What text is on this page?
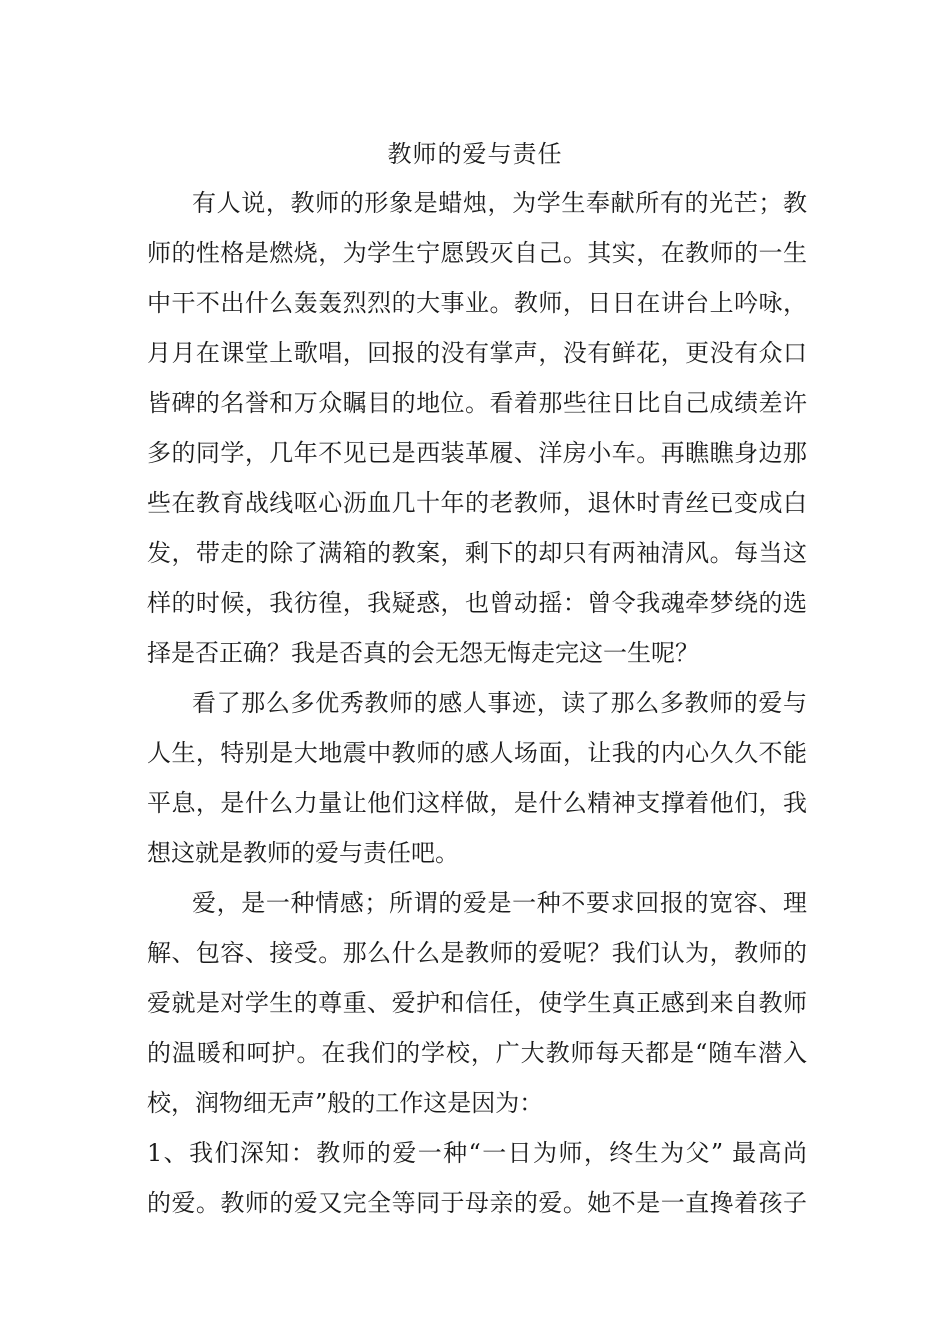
教师的爱与责任
有人说，教师的形象是蜡烛，为学生奉献所有的光芒；教
师的性格是燃烧，为学生宁愿毁灭自己。其实，在教师的一生
中干不出什么轰轰烈烈的大事业。教师，日日在讲台上吟咏，
月月在课堂上歌唱，回报的没有掌声，没有鲜花，更没有众口
皆碑的名誉和万众瞩目的地位。看着那些往日比自己成绩差许
多的同学，几年不见已是西装革履、洋房小车。再瞧瞧身边那
些在教育战线呕心沥血几十年的老教师，退休时青丝已变成白
发，带走的除了满箱的教案，剩下的却只有两袖清风。每当这
样的时候，我彷徨，我疑惑，也曾动摇：曾令我魂牵梦绕的选
择是否正确？我是否真的会无怨无悔走完这一生呢？
看了那么多优秀教师的感人事迹，读了那么多教师的爱与
人生，特别是大地震中教师的感人场面，让我的内心久久不能
平息，是什么力量让他们这样做，是什么精神支撑着他们，我
想这就是教师的爱与责任吧。
爱，是一种情感；所谓的爱是一种不要求回报的宽容、理
解、包容、接受。那么什么是教师的爱呢？我们认为，教师的
爱就是对学生的尊重、爱护和信任，使学生真正感到来自教师
的温暖和呵护。在我们的学校，广大教师每天都是“随车潜入
校，润物细无声”般的工作这是因为：
1、我们深知：教师的爱一种“一日为师，终生为父” 最高尚
的爱。教师的爱又完全等同于母亲的爱。她不是一直搀着孩子
